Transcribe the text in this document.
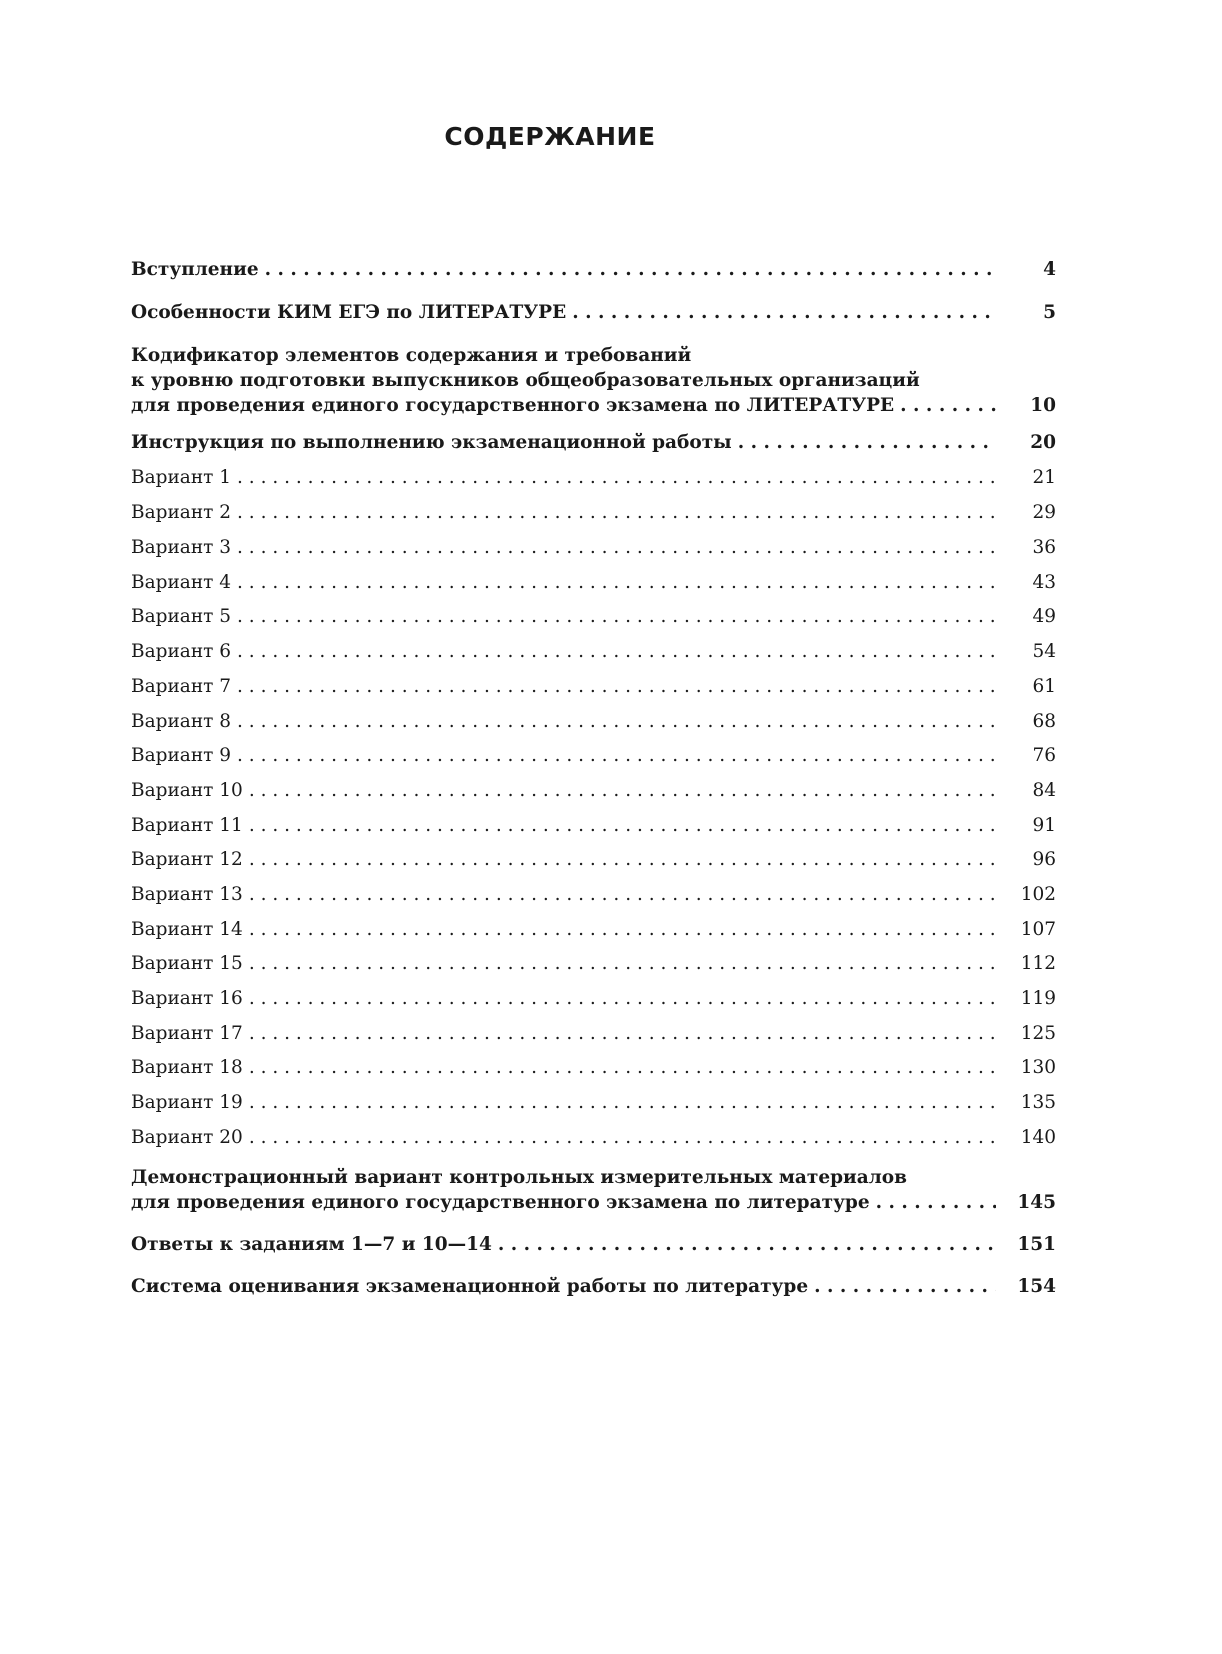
СОДЕРЖАНИЕ
Вступление . . .	4
Особенности КИМ ЕГЭ по ЛИТЕРАТУРЕ . . .	5
Кодификатор элементов содержания и требований
к уровню подготовки выпускников общеобразовательных организаций
для проведения единого государственного экзамена по ЛИТЕРАТУРЕ . . .	10
Инструкция по выполнению экзаменационной работы . . .	20
Вариант 1 . . .	21
Вариант 2 . . .	29
Вариант 3 . . .	36
Вариант 4 . . .	43
Вариант 5 . . .	49
Вариант 6 . . .	54
Вариант 7 . . .	61
Вариант 8 . . .	68
Вариант 9 . . .	76
Вариант 10 . . .	84
Вариант 11 . . .	91
Вариант 12 . . .	96
Вариант 13 . . .	102
Вариант 14 . . .	107
Вариант 15 . . .	112
Вариант 16 . . .	119
Вариант 17 . . .	125
Вариант 18 . . .	130
Вариант 19 . . .	135
Вариант 20 . . .	140
Демонстрационный вариант контрольных измерительных материалов
для проведения единого государственного экзамена по литературе . . .	145
Ответы к заданиям 1—7 и 10—14 . . .	151
Система оценивания экзаменационной работы по литературе . . .	154
